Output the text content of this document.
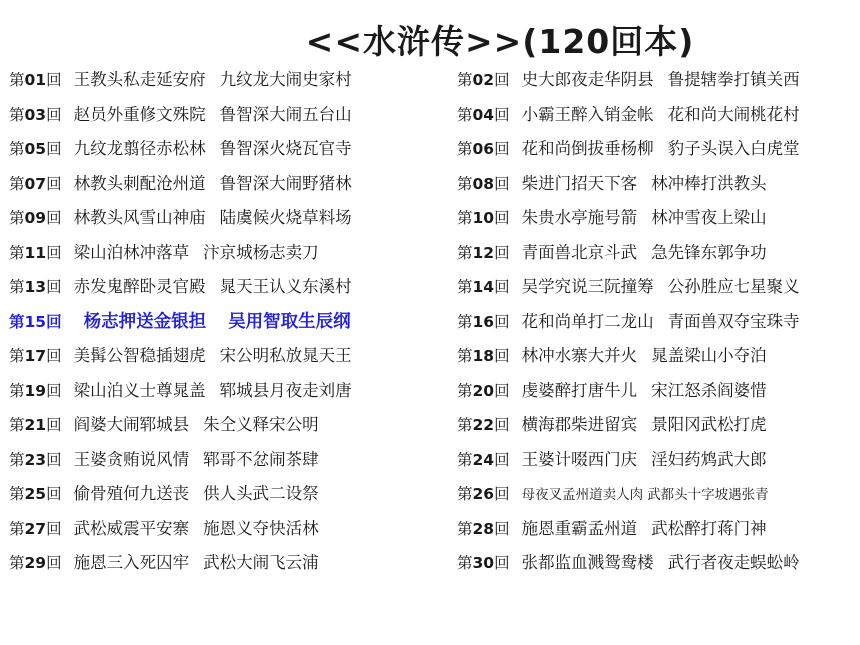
<<水浒传>>(120回本)
第01回 王教头私走延安府 九纹龙大闹史家村	第02回 史大郎夜走华阴县 鲁提辖拳打镇关西
第03回 赵员外重修文殊院 鲁智深大闹五台山	第04回 小霸王醉入销金帐 花和尚大闹桃花村
第05回 九纹龙翦径赤松林 鲁智深火烧瓦官寺	第06回 花和尚倒拔垂杨柳 豹子头误入白虎堂
第07回 林教头刺配沧州道 鲁智深大闹野猪林	第08回 柴进门招天下客 林冲棒打洪教头
第09回 林教头风雪山神庙 陆虞候火烧草料场	第10回 朱贵水亭施号箭 林冲雪夜上梁山
第11回 梁山泊林冲落草 汴京城杨志卖刀	第12回 青面兽北京斗武 急先锋东郭争功
第13回 赤发鬼醉卧灵官殿 晁天王认义东溪村	第14回 吴学究说三阮撞筹 公孙胜应七星聚义
第15回 杨志押送金银担 吴用智取生辰纲	第16回 花和尚单打二龙山 青面兽双夺宝珠寺
第17回 美髯公智稳插翅虎 宋公明私放晁天王	第18回 林冲水寨大并火 晁盖梁山小夺泊
第19回 梁山泊义士尊晁盖 郓城县月夜走刘唐	第20回 虔婆醉打唐牛儿 宋江怒杀阎婆惜
第21回 阎婆大闹郓城县 朱仝义释宋公明	第22回 横海郡柴进留宾 景阳冈武松打虎
第23回 王婆贪贿说风情 郓哥不忿闹茶肆	第24回 王婆计啜西门庆 淫妇药鸩武大郎
第25回 偷骨殖何九送丧 供人头武二设祭	第26回 母夜叉孟州道卖人肉 武都头十字坡遇张青
第27回 武松威震平安寨 施恩义夺快活林	第28回 施恩重霸孟州道 武松醉打蒋门神
第29回 施恩三入死囚牢 武松大闹飞云浦	第30回 张都监血溅鸳鸯楼 武行者夜走蜈蚣岭
